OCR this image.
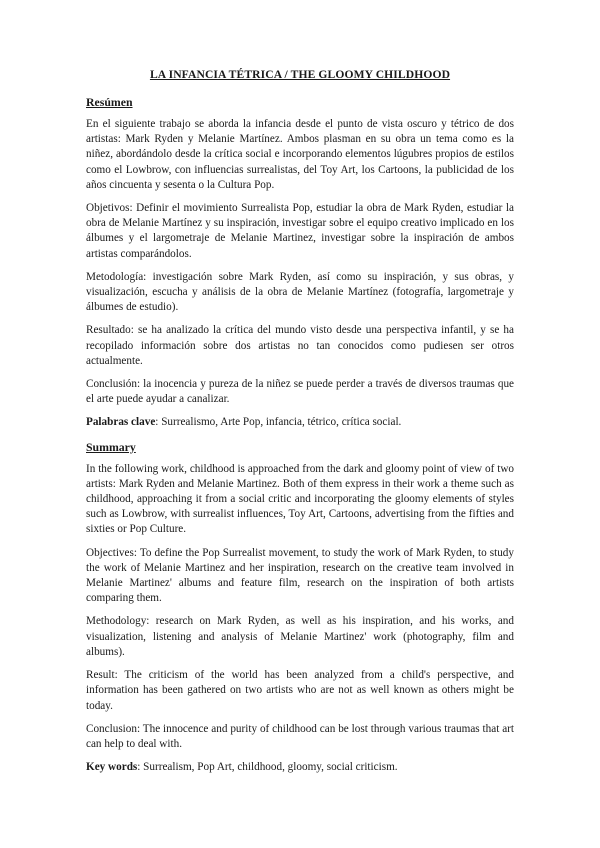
LA INFANCIA TÉTRICA / THE GLOOMY CHILDHOOD
Resúmen

En el siguiente trabajo se aborda la infancia desde el punto de vista oscuro y tétrico de dos artistas: Mark Ryden y Melanie Martínez. Ambos plasman en su obra un tema como es la niñez, abordándolo desde la crítica social e incorporando elementos lúgubres propios de estilos como el Lowbrow, con influencias surrealistas, del Toy Art, los Cartoons, la publicidad de los años cincuenta y sesenta o la Cultura Pop.

Objetivos: Definir el movimiento Surrealista Pop, estudiar la obra de Mark Ryden, estudiar la obra de Melanie Martínez y su inspiración, investigar sobre el equipo creativo implicado en los álbumes y el largometraje de Melanie Martinez, investigar sobre la inspiración de ambos artistas comparándolos.

Metodología: investigación sobre Mark Ryden, así como su inspiración, y sus obras, y visualización, escucha y análisis de la obra de Melanie Martínez (fotografía, largometraje y álbumes de estudio).

Resultado: se ha analizado la crítica del mundo visto desde una perspectiva infantil, y se ha recopilado información sobre dos artistas no tan conocidos como pudiesen ser otros actualmente.

Conclusión: la inocencia y pureza de la niñez se puede perder a través de diversos traumas que el arte puede ayudar a canalizar.

Palabras clave: Surrealismo, Arte Pop, infancia, tétrico, crítica social.
Summary

In the following work, childhood is approached from the dark and gloomy point of view of two artists: Mark Ryden and Melanie Martinez. Both of them express in their work a theme such as childhood, approaching it from a social critic and incorporating the gloomy elements of styles such as Lowbrow, with surrealist influences, Toy Art, Cartoons, advertising from the fifties and sixties or Pop Culture.

Objectives: To define the Pop Surrealist movement, to study the work of Mark Ryden, to study the work of Melanie Martinez and her inspiration, research on the creative team involved in Melanie Martinez' albums and feature film, research on the inspiration of both artists comparing them.

Methodology: research on Mark Ryden, as well as his inspiration, and his works, and visualization, listening and analysis of Melanie Martinez' work (photography, film and albums).

Result: The criticism of the world has been analyzed from a child's perspective, and information has been gathered on two artists who are not as well known as others might be today.

Conclusion: The innocence and purity of childhood can be lost through various traumas that art can help to deal with.

Key words: Surrealism, Pop Art, childhood, gloomy, social criticism.
